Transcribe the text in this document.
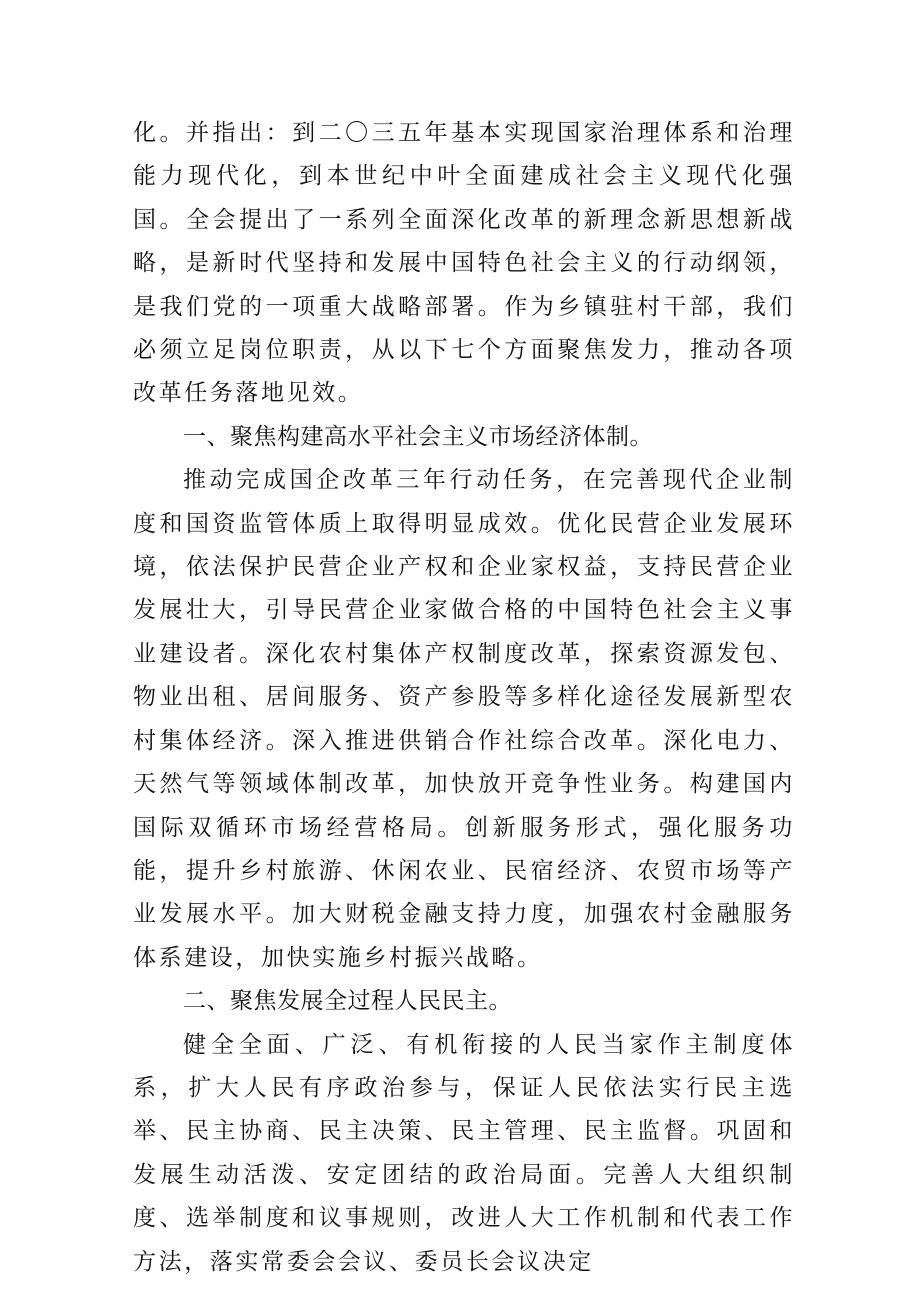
化。并指出：到二〇三五年基本实现国家治理体系和治理能力现代化，到本世纪中叶全面建成社会主义现代化强国。全会提出了一系列全面深化改革的新理念新思想新战略，是新时代坚持和发展中国特色社会主义的行动纲领，是我们党的一项重大战略部署。作为乡镇驻村干部，我们必须立足岗位职责，从以下七个方面聚焦发力，推动各项改革任务落地见效。

一、聚焦构建高水平社会主义市场经济体制。

推动完成国企改革三年行动任务，在完善现代企业制度和国资监管体质上取得明显成效。优化民营企业发展环境，依法保护民营企业产权和企业家权益，支持民营企业发展壮大，引导民营企业家做合格的中国特色社会主义事业建设者。深化农村集体产权制度改革，探索资源发包、物业出租、居间服务、资产参股等多样化途径发展新型农村集体经济。深入推进供销合作社综合改革。深化电力、天然气等领域体制改革，加快放开竞争性业务。构建国内国际双循环市场经营格局。创新服务形式，强化服务功能，提升乡村旅游、休闲农业、民宿经济、农贸市场等产业发展水平。加大财税金融支持力度，加强农村金融服务体系建设，加快实施乡村振兴战略。

二、聚焦发展全过程人民民主。

健全全面、广泛、有机衔接的人民当家作主制度体系，扩大人民有序政治参与，保证人民依法实行民主选举、民主协商、民主决策、民主管理、民主监督。巩固和发展生动活泼、安定团结的政治局面。完善人大组织制度、选举制度和议事规则，改进人大工作机制和代表工作方法，落实常委会会议、委员长会议决定
